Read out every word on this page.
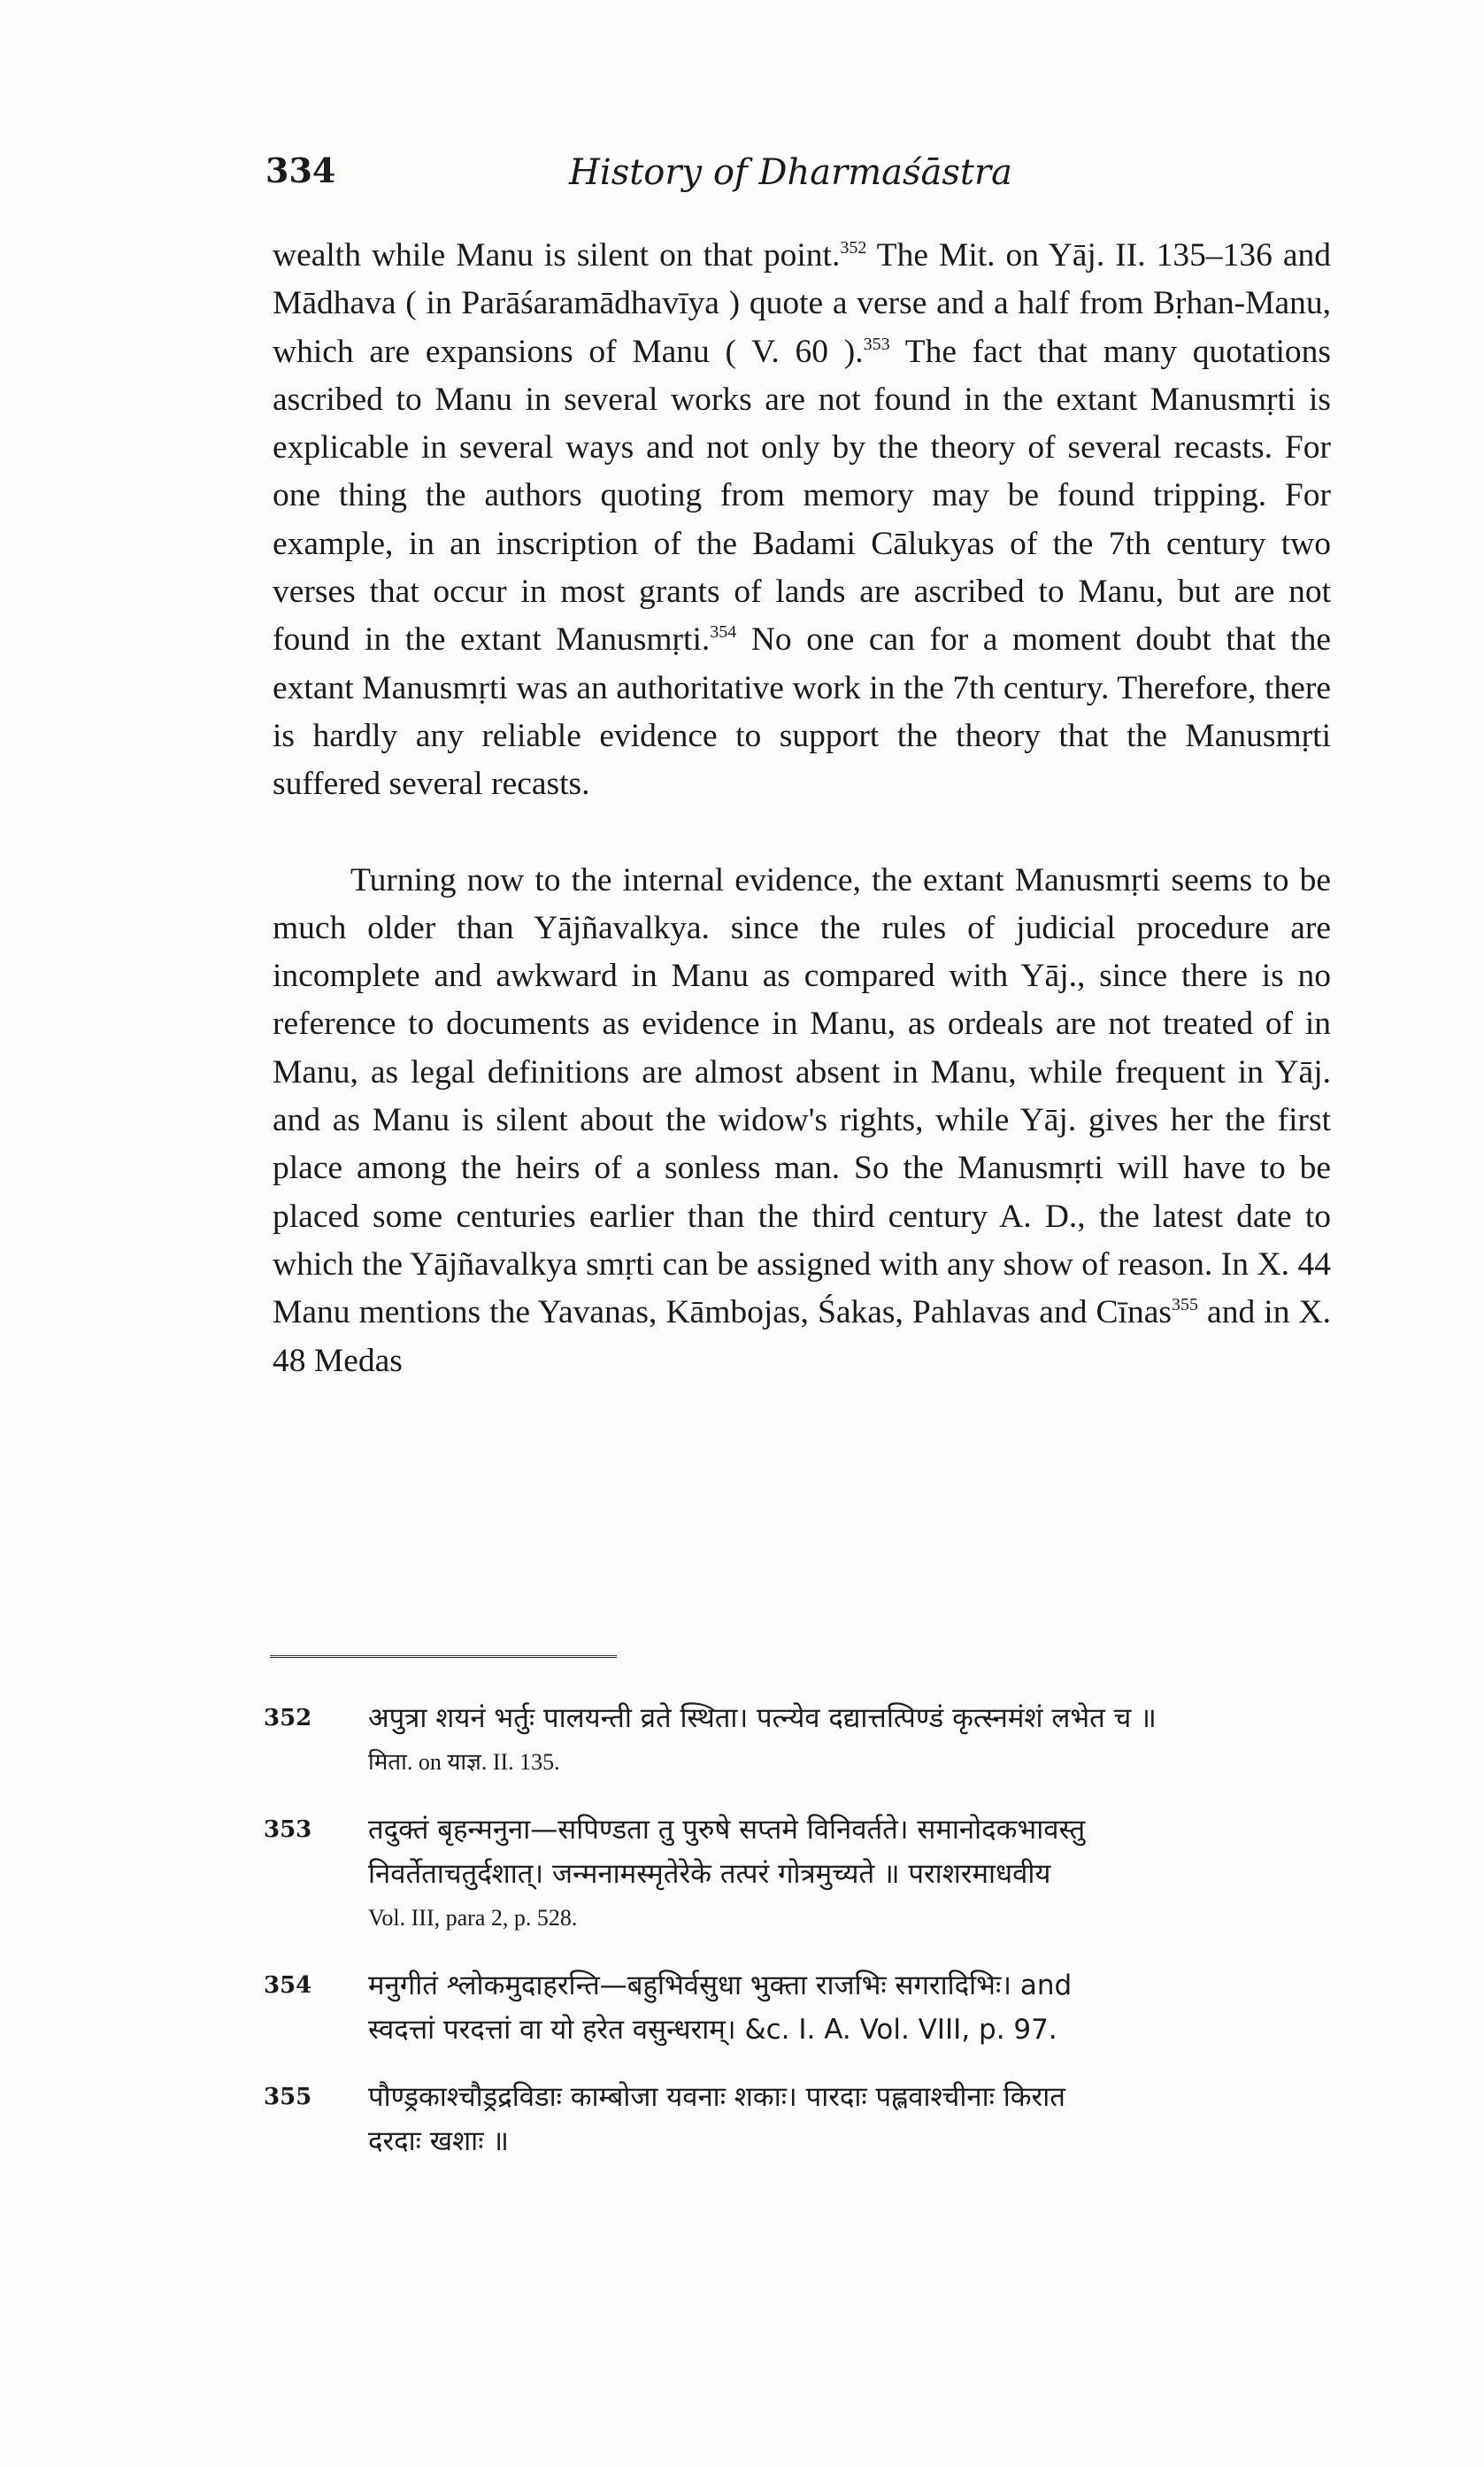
334	History of Dharmaśāstra

wealth while Manu is silent on that point.$^{352}$ The Mit. on Yāj. II. 135–136 and Mādhava ( in Parāśaramādhavīya ) quote a verse and a half from Bṛhan-Manu, which are expansions of Manu ( V. 60 ).$^{353}$ The fact that many quotations ascribed to Manu in several works are not found in the extant Manusmṛti is explicable in several ways and not only by the theory of several recasts. For one thing the authors quoting from memory may be found tripping. For example, in an inscription of the Badami Cālukyas of the 7th century two verses that occur in most grants of lands are ascribed to Manu, but are not found in the extant Manusmṛti.$^{354}$ No one can for a moment doubt that the extant Manusmṛti was an authoritative work in the 7th century. Therefore, there is hardly any reliable evidence to support the theory that the Manusmṛti suffered several recasts.

Turning now to the internal evidence, the extant Manusmṛti seems to be much older than Yājñavalkya. since the rules of judicial procedure are incomplete and awkward in Manu as compared with Yāj., since there is no reference to documents as evidence in Manu, as ordeals are not treated of in Manu, as legal definitions are almost absent in Manu, while frequent in Yāj. and as Manu is silent about the widow's rights, while Yāj. gives her the first place among the heirs of a sonless man. So the Manusmṛti will have to be placed some centuries earlier than the third century A. D., the latest date to which the Yājñavalkya smṛti can be assigned with any show of reason. In X. 44 Manu mentions the Yavanas, Kāmbojas, Śakas, Pahlavas and Cīnas$^{355}$ and in X. 48 Medas

352	अपुत्रा शयनं भर्तुः पालयन्ती व्रते स्थिता। पत्न्येव दद्यात्तत्पिण्डं कृत्स्नमंशं लभेत च ॥
मिता. on याज्ञ. II. 135.
353	तदुक्तं बृहन्मनुना—सपिण्डता तु पुरुषे सप्तमे विनिवर्तते। समानोदकभावस्तु
निवर्तेताचतुर्दशात्। जन्मनामस्मृतेरेके तत्परं गोत्रमुच्यते ॥ पराशरमाधवीय
Vol. III, para 2, p. 528.
354	मनुगीतं श्लोकमुदाहरन्ति—बहुभिर्वसुधा भुक्ता राजभिः सगरादिभिः। and
स्वदत्तां परदत्तां वा यो हरेत वसुन्धराम्। &c. I. A. Vol. VIII, p. 97.
355	पौण्ड्रकाश्चौड्रद्रविडाः काम्बोजा यवनाः शकाः। पारदाः पह्लवाश्चीनाः किरात
दरदाः खशाः ॥
